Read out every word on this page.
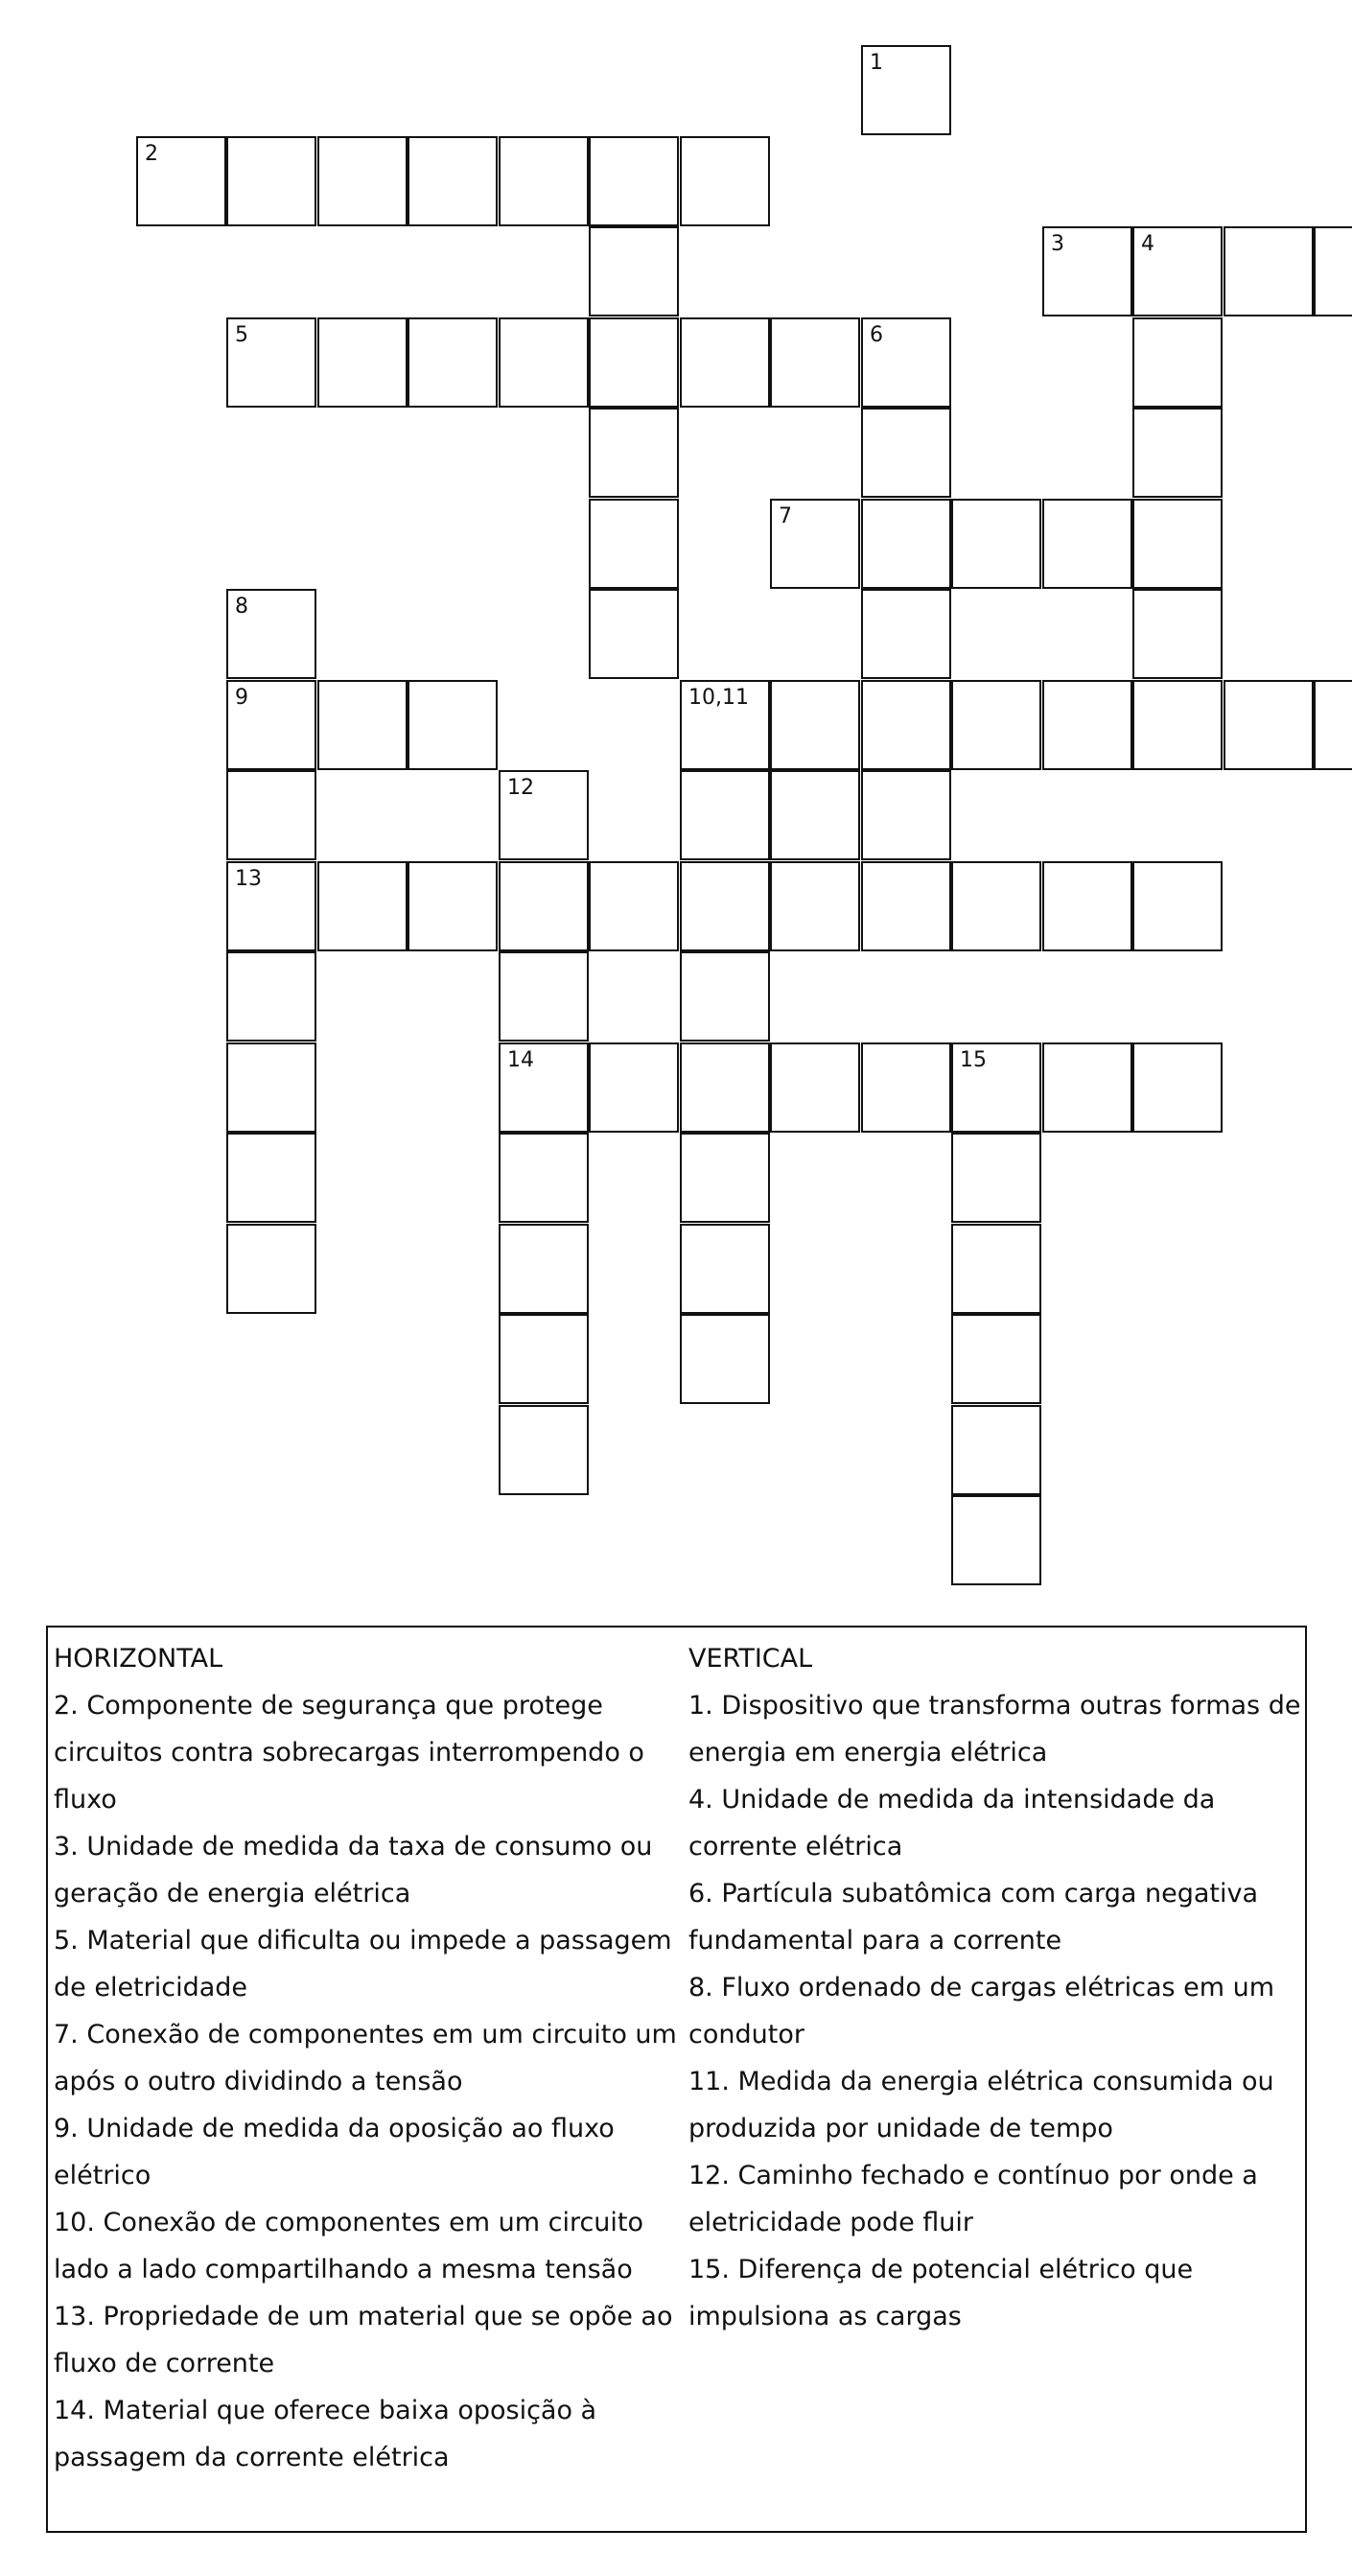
1
2
3	4
5	6
7
8
9	10,11
12
13
14	15
HORIZONTAL
2. Componente de segurança que protege
circuitos contra sobrecargas interrompendo o
fluxo
3. Unidade de medida da taxa de consumo ou
geração de energia elétrica
5. Material que dificulta ou impede a passagem
de eletricidade
7. Conexão de componentes em um circuito um
após o outro dividindo a tensão
9. Unidade de medida da oposição ao fluxo
elétrico
10. Conexão de componentes em um circuito
lado a lado compartilhando a mesma tensão
13. Propriedade de um material que se opõe ao
fluxo de corrente
14. Material que oferece baixa oposição à
passagem da corrente elétrica
VERTICAL
1. Dispositivo que transforma outras formas de
energia em energia elétrica
4. Unidade de medida da intensidade da
corrente elétrica
6. Partícula subatômica com carga negativa
fundamental para a corrente
8. Fluxo ordenado de cargas elétricas em um
condutor
11. Medida da energia elétrica consumida ou
produzida por unidade de tempo
12. Caminho fechado e contínuo por onde a
eletricidade pode fluir
15. Diferença de potencial elétrico que
impulsiona as cargas
